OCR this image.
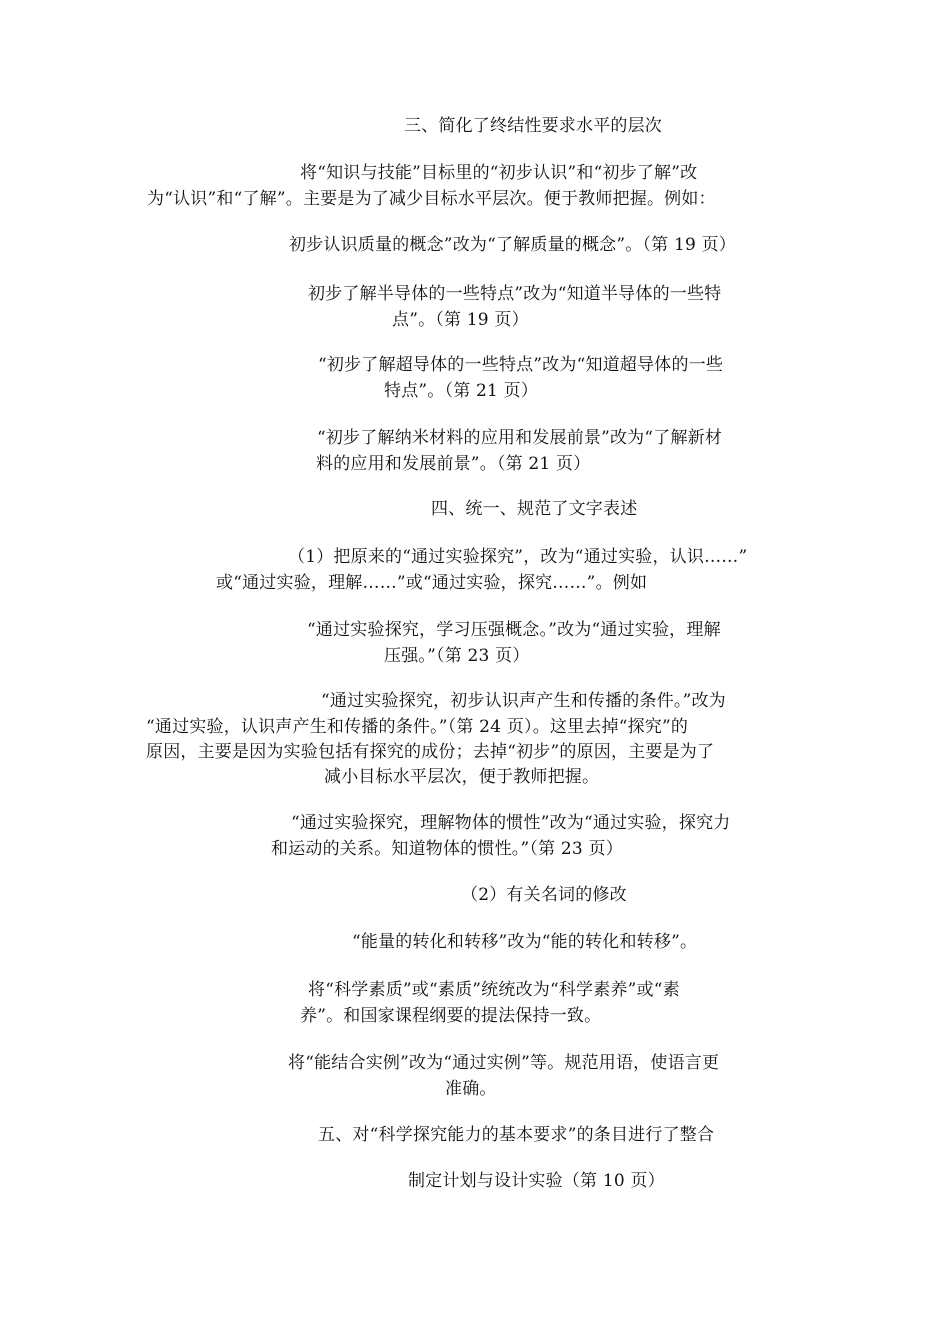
三、简化了终结性要求水平的层次
将“知识与技能”目标里的“初步认识”和“初步了解”改
为“认识”和“了解”。主要是为了减少目标水平层次。便于教师把握。例如：
初步认识质量的概念”改为“了解质量的概念”。（第 19 页）
初步了解半导体的一些特点”改为“知道半导体的一些特
点”。（第 19 页）
“初步了解超导体的一些特点”改为“知道超导体的一些
特点”。（第 21 页）
“初步了解纳米材料的应用和发展前景”改为“了解新材
料的应用和发展前景”。（第 21 页）
四、统一、规范了文字表述
（1）把原来的“通过实验探究”，改为“通过实验，认识……”
或“通过实验，理解……”或“通过实验，探究……”。例如
“通过实验探究，学习压强概念。”改为“通过实验，理解
压强。”（第 23 页）
“通过实验探究，初步认识声产生和传播的条件。”改为
“通过实验，认识声产生和传播的条件。”（第 24 页）。这里去掉“探究”的
原因，主要是因为实验包括有探究的成份；去掉“初步”的原因，主要是为了
减小目标水平层次，便于教师把握。
“通过实验探究，理解物体的惯性”改为“通过实验，探究力
和运动的关系。知道物体的惯性。”（第 23 页）
（2）有关名词的修改
“能量的转化和转移”改为“能的转化和转移”。
将“科学素质”或“素质”统统改为“科学素养”或“素
养”。和国家课程纲要的提法保持一致。
将“能结合实例”改为“通过实例”等。规范用语，使语言更
准确。
五、对“科学探究能力的基本要求”的条目进行了整合
制定计划与设计实验（第 10 页）
